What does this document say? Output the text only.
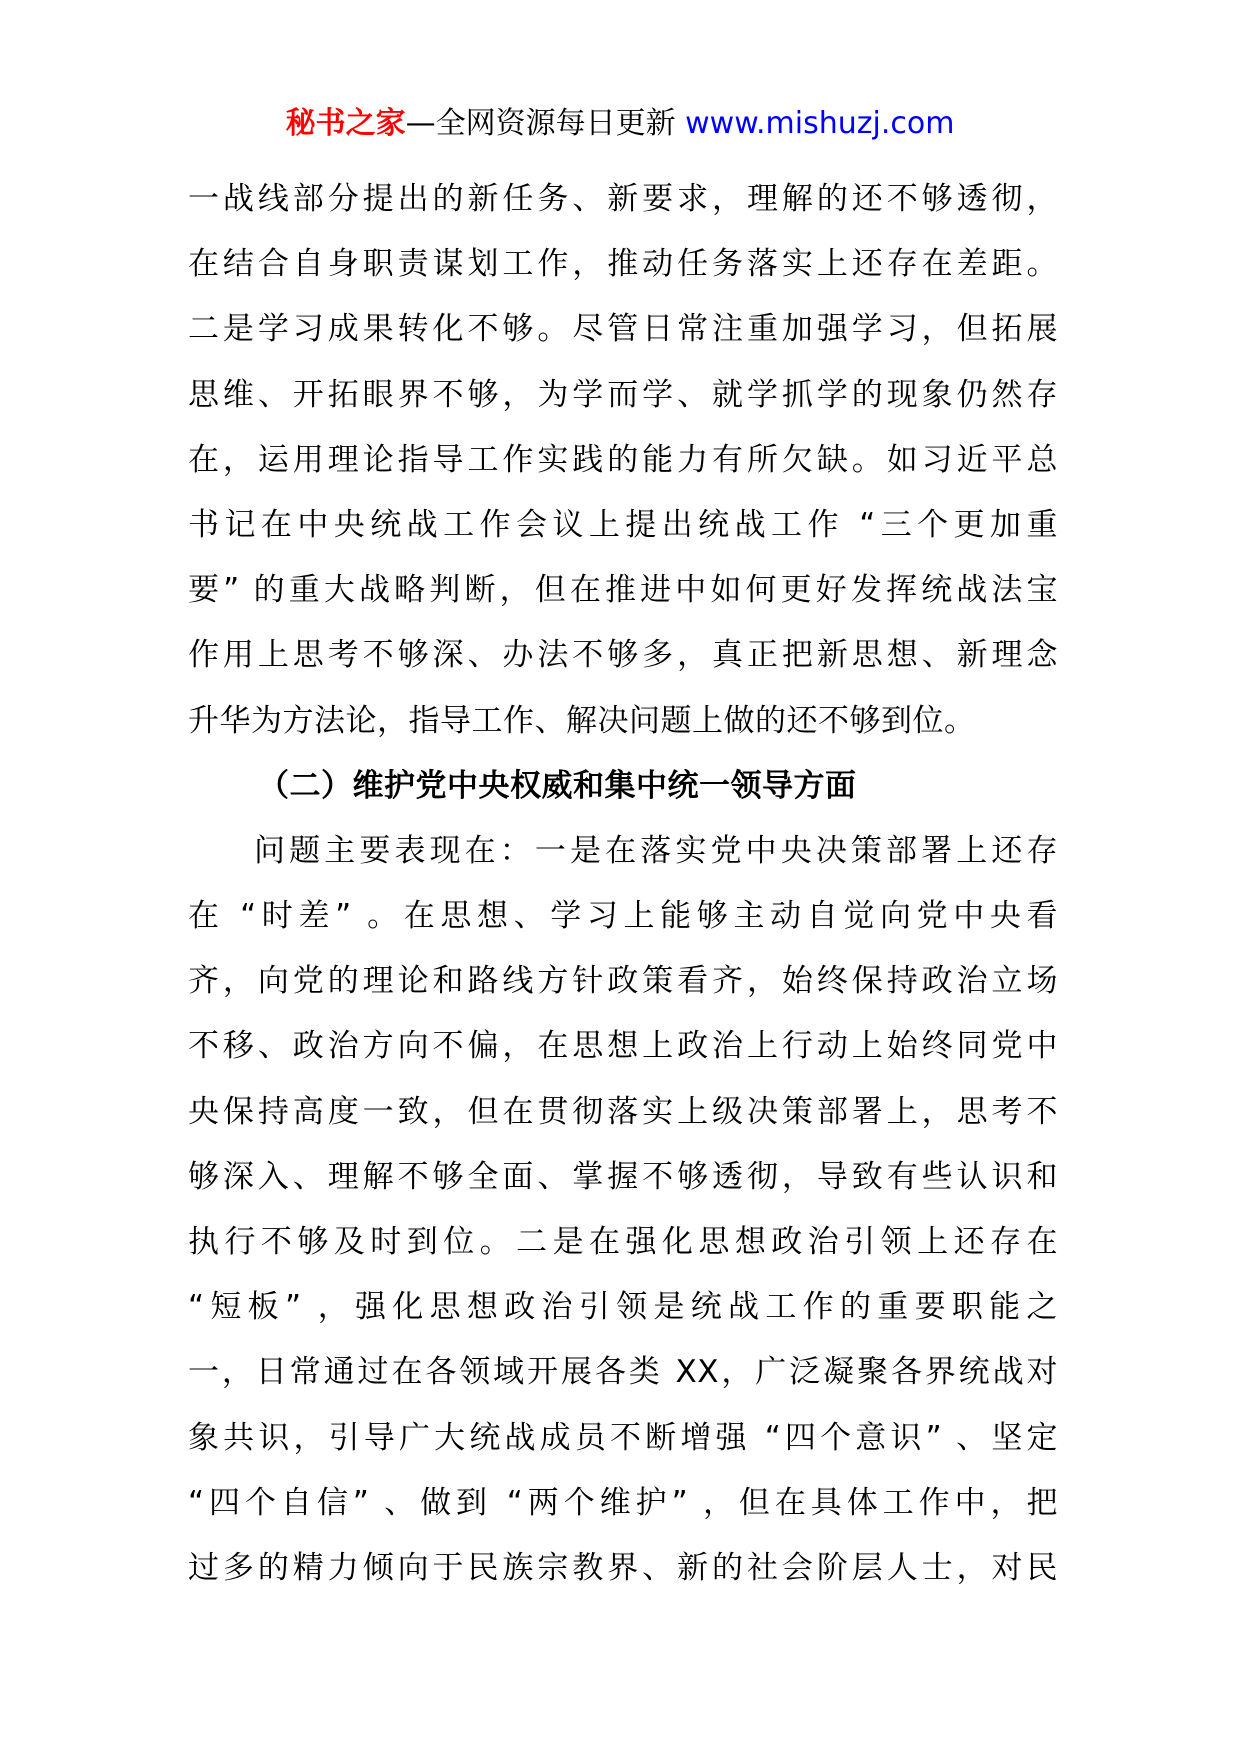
秘书之家—全网资源每日更新 www.mishuzj.com
一战线部分提出的新任务、新要求，理解的还不够透彻，
在结合自身职责谋划工作，推动任务落实上还存在差距。
二是学习成果转化不够。尽管日常注重加强学习，但拓展
思维、开拓眼界不够，为学而学、就学抓学的现象仍然存
在，运用理论指导工作实践的能力有所欠缺。如习近平总
书记在中央统战工作会议上提出统战工作 “三个更加重
要” 的重大战略判断，但在推进中如何更好发挥统战法宝
作用上思考不够深、办法不够多，真正把新思想、新理念
升华为方法论，指导工作、解决问题上做的还不够到位。
（二）维护党中央权威和集中统一领导方面
问题主要表现在：一是在落实党中央决策部署上还存
在 “时差” 。在思想、学习上能够主动自觉向党中央看
齐，向党的理论和路线方针政策看齐，始终保持政治立场
不移、政治方向不偏，在思想上政治上行动上始终同党中
央保持高度一致，但在贯彻落实上级决策部署上，思考不
够深入、理解不够全面、掌握不够透彻，导致有些认识和
执行不够及时到位。二是在强化思想政治引领上还存在
“短板” ，强化思想政治引领是统战工作的重要职能之
一，日常通过在各领域开展各类 XX，广泛凝聚各界统战对
象共识，引导广大统战成员不断增强 “四个意识” 、坚定
“四个自信” 、做到 “两个维护” ，但在具体工作中，把
过多的精力倾向于民族宗教界、新的社会阶层人士，对民
